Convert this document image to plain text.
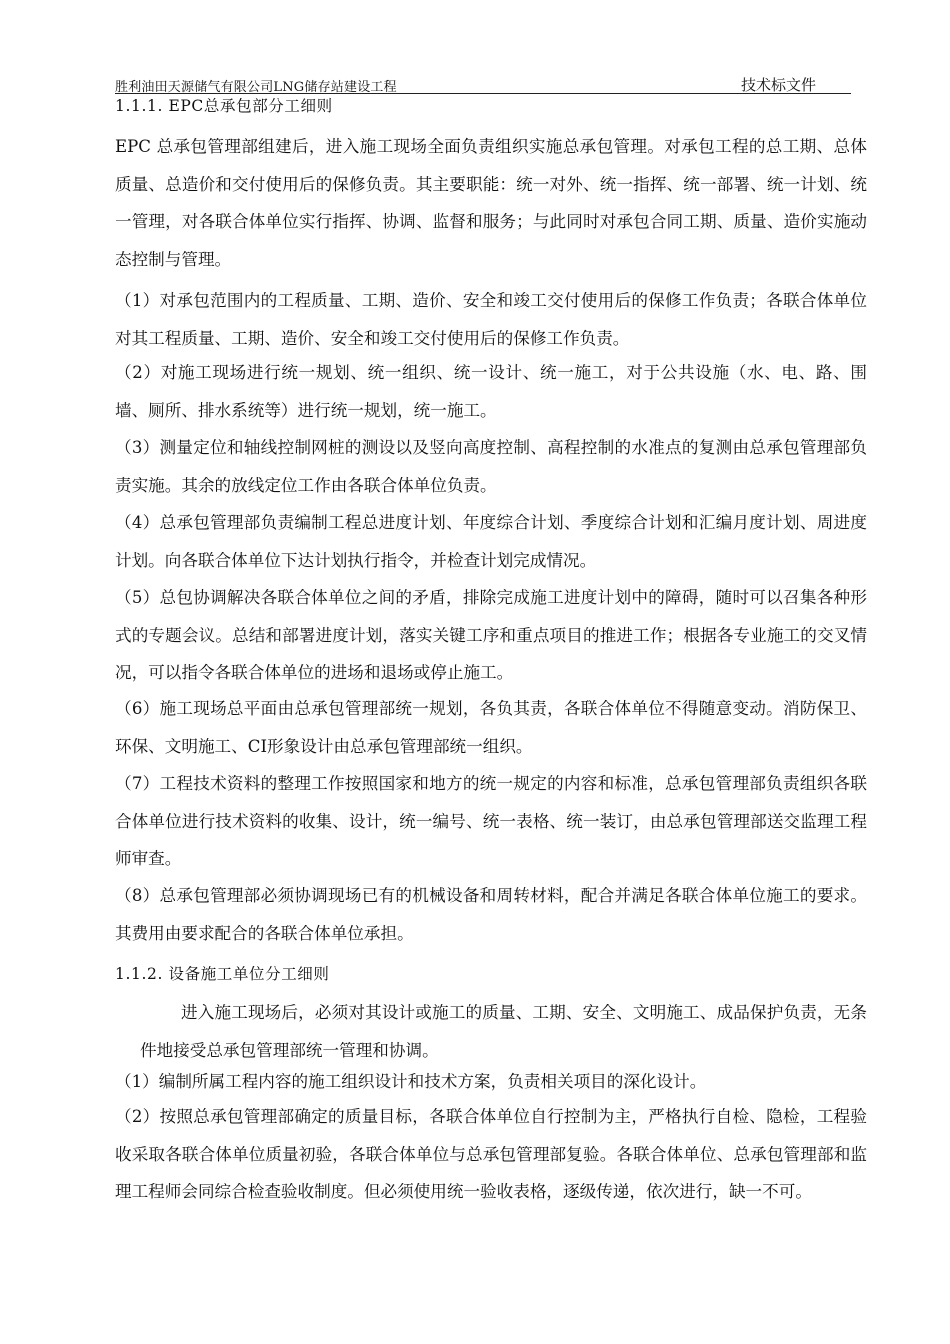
胜利油田天源储气有限公司LNG储存站建设工程	技术标文件
1.1.1. EPC总承包部分工细则
EPC 总承包管理部组建后，进入施工现场全面负责组织实施总承包管理。对承包工程的总工期、总体质量、总造价和交付使用后的保修负责。其主要职能：统一对外、统一指挥、统一部署、统一计划、统一管理，对各联合体单位实行指挥、协调、监督和服务；与此同时对承包合同工期、质量、造价实施动态控制与管理。
（1）对承包范围内的工程质量、工期、造价、安全和竣工交付使用后的保修工作负责；各联合体单位对其工程质量、工期、造价、安全和竣工交付使用后的保修工作负责。
（2）对施工现场进行统一规划、统一组织、统一设计、统一施工，对于公共设施（水、电、路、围墙、厕所、排水系统等）进行统一规划，统一施工。
（3）测量定位和轴线控制网桩的测设以及竖向高度控制、高程控制的水准点的复测由总承包管理部负责实施。其余的放线定位工作由各联合体单位负责。
（4）总承包管理部负责编制工程总进度计划、年度综合计划、季度综合计划和汇编月度计划、周进度计划。向各联合体单位下达计划执行指令，并检查计划完成情况。
（5）总包协调解决各联合体单位之间的矛盾，排除完成施工进度计划中的障碍，随时可以召集各种形式的专题会议。总结和部署进度计划，落实关键工序和重点项目的推进工作；根据各专业施工的交叉情况，可以指令各联合体单位的进场和退场或停止施工。
（6）施工现场总平面由总承包管理部统一规划，各负其责，各联合体单位不得随意变动。消防保卫、环保、文明施工、CI形象设计由总承包管理部统一组织。
（7）工程技术资料的整理工作按照国家和地方的统一规定的内容和标准，总承包管理部负责组织各联合体单位进行技术资料的收集、设计，统一编号、统一表格、统一装订，由总承包管理部送交监理工程师审查。
（8）总承包管理部必须协调现场已有的机械设备和周转材料，配合并满足各联合体单位施工的要求。其费用由要求配合的各联合体单位承担。
1.1.2. 设备施工单位分工细则
进入施工现场后，必须对其设计或施工的质量、工期、安全、文明施工、成品保护负责，无条件地接受总承包管理部统一管理和协调。
（1）编制所属工程内容的施工组织设计和技术方案，负责相关项目的深化设计。
（2）按照总承包管理部确定的质量目标，各联合体单位自行控制为主，严格执行自检、隐检，工程验收采取各联合体单位质量初验，各联合体单位与总承包管理部复验。各联合体单位、总承包管理部和监理工程师会同综合检查验收制度。但必须使用统一验收表格，逐级传递，依次进行，缺一不可。
